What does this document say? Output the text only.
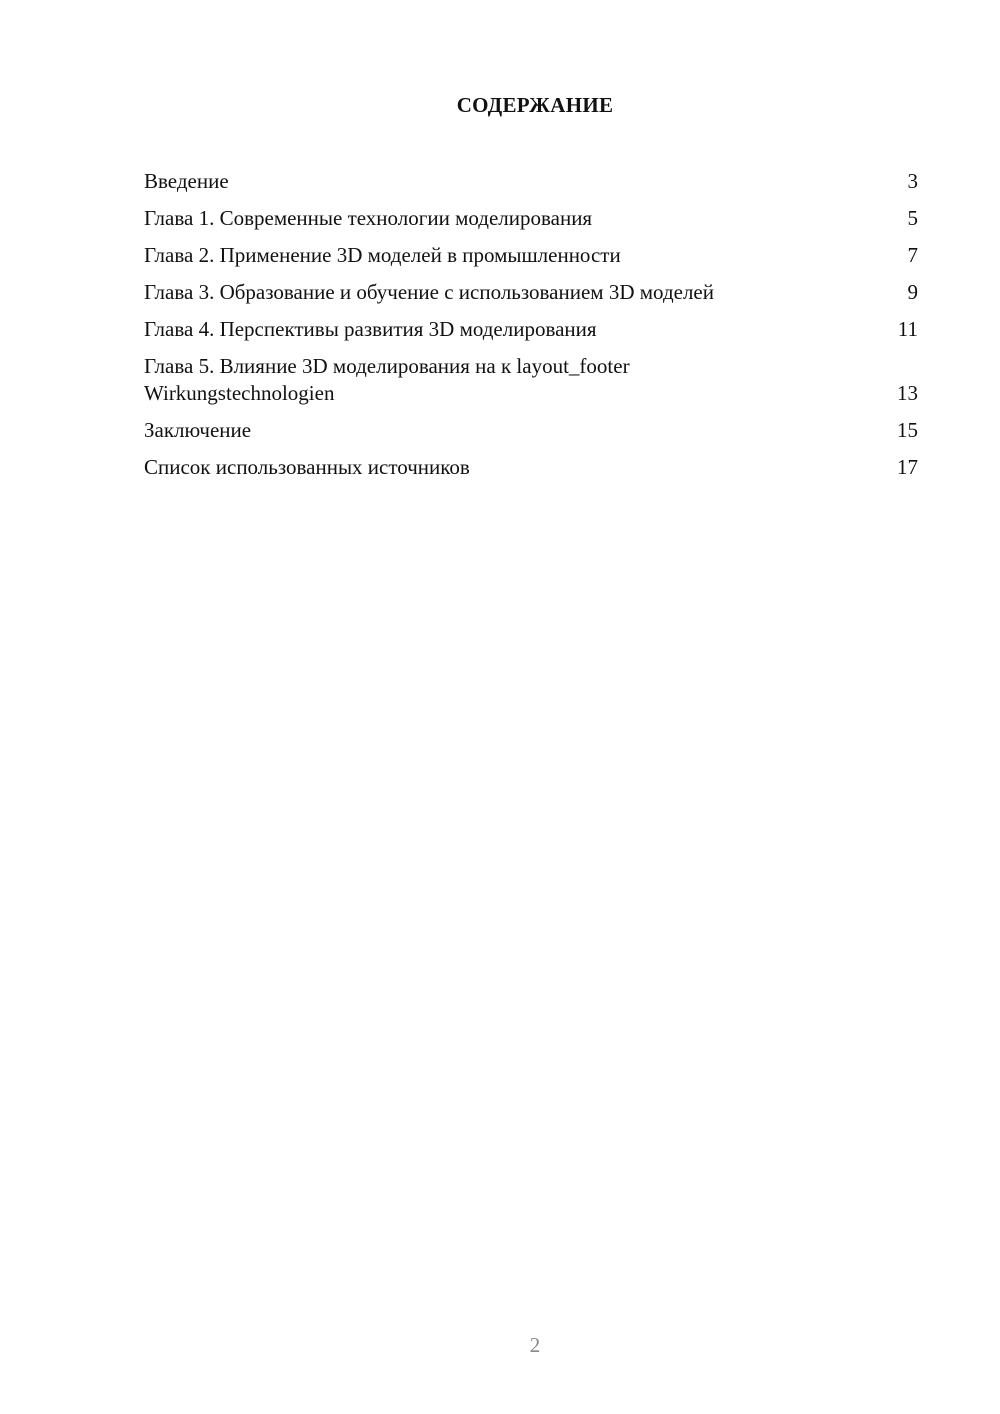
СОДЕРЖАНИЕ
Введение	3
Глава 1. Современные технологии моделирования	5
Глава 2. Применение 3D моделей в промышленности	7
Глава 3. Образование и обучение с использованием 3D моделей	9
Глава 4. Перспективы развития 3D моделирования	11
Глава 5. Влияние 3D моделирования на к layout_footer
Wirkungstechnologien	13
Заключение	15
Список использованных источников	17
2
